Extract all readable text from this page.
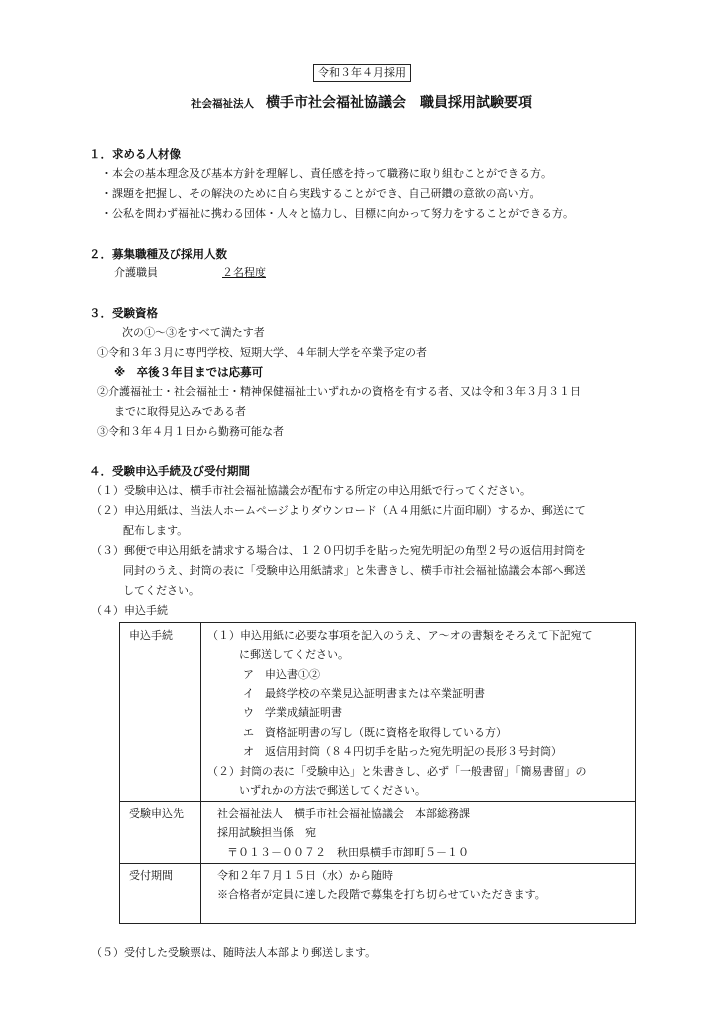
令和３年４月採用
社会福祉法人 横手市社会福祉協議会 職員採用試験要項
１．求める人材像
・本会の基本理念及び基本方針を理解し、責任感を持って職務に取り組むことができる方。
・課題を把握し、その解決のために自ら実践することができ、自己研鑽の意欲の高い方。
・公私を問わず福祉に携わる団体・人々と協力し、目標に向かって努力をすることができる方。
２．募集職種及び採用人数
介護職員	２名程度
３．受験資格
次の①～③をすべて満たす者
①令和３年３月に専門学校、短期大学、４年制大学を卒業予定の者
※　卒後３年目までは応募可
②介護福祉士・社会福祉士・精神保健福祉士いずれかの資格を有する者、又は令和３年３月３１日
までに取得見込みである者
③令和３年４月１日から勤務可能な者
４．受験申込手続及び受付期間
（１）受験申込は、横手市社会福祉協議会が配布する所定の申込用紙で行ってください。
（２）申込用紙は、当法人ホームページよりダウンロード（Ａ４用紙に片面印刷）するか、郵送にて
配布します。
（３）郵便で申込用紙を請求する場合は、１２０円切手を貼った宛先明記の角型２号の返信用封筒を
同封のうえ、封筒の表に「受験申込用紙請求」と朱書きし、横手市社会福祉協議会本部へ郵送
してください。
（４）申込手続
申込手続	（１）申込用紙に必要な事項を記入のうえ、ア～オの書類をそろえて下記宛て
に郵送してください。
ア　申込書①②
イ　最終学校の卒業見込証明書または卒業証明書
ウ　学業成績証明書
エ　資格証明書の写し（既に資格を取得している方）
オ　返信用封筒（８４円切手を貼った宛先明記の長形３号封筒）
（２）封筒の表に「受験申込」と朱書きし、必ず「一般書留」「簡易書留」の
いずれかの方法で郵送してください。
受験申込先	社会福祉法人　横手市社会福祉協議会　本部総務課
採用試験担当係　宛
〒０１３－００７２　秋田県横手市卸町５－１０
受付期間	令和２年７月１５日（水）から随時
※合格者が定員に達した段階で募集を打ち切らせていただきます。
（５）受付した受験票は、随時法人本部より郵送します。
